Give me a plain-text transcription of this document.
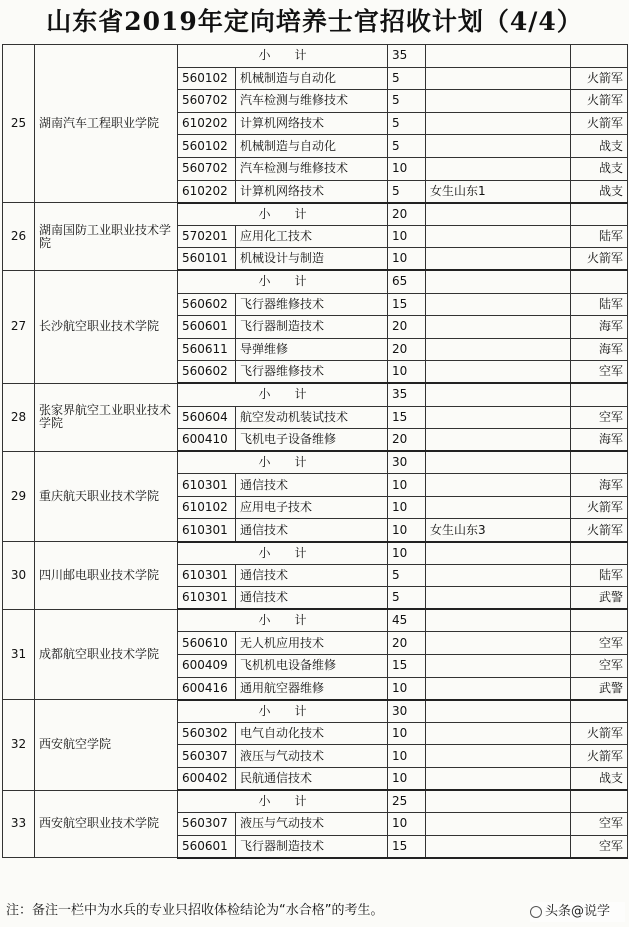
山东省2019年定向培养士官招收计划（4/4）
25	湖南汽车工程职业学院	小　　计		35		
		560102	机械制造与自动化	5		火箭军
		560702	汽车检测与维修技术	5		火箭军
		610202	计算机网络技术	5		火箭军
		560102	机械制造与自动化	5		战支
		560702	汽车检测与维修技术	10		战支
		610202	计算机网络技术	5	女生山东1	战支
26	湖南国防工业职业技术学院	小　　计		20		
		570201	应用化工技术	10		陆军
		560101	机械设计与制造	10		火箭军
27	长沙航空职业技术学院	小　　计		65		
		560602	飞行器维修技术	15		陆军
		560601	飞行器制造技术	20		海军
		560611	导弹维修	20		海军
		560602	飞行器维修技术	10		空军
28	张家界航空工业职业技术学院	小　　计		35		
		560604	航空发动机装试技术	15		空军
		600410	飞机电子设备维修	20		海军
29	重庆航天职业技术学院	小　　计		30		
		610301	通信技术	10		海军
		610102	应用电子技术	10		火箭军
		610301	通信技术	10	女生山东3	火箭军
30	四川邮电职业技术学院	小　　计		10		
		610301	通信技术	5		陆军
		610301	通信技术	5		武警
31	成都航空职业技术学院	小　　计		45		
		560610	无人机应用技术	20		空军
		600409	飞机机电设备维修	15		空军
		600416	通用航空器维修	10		武警
32	西安航空学院	小　　计		30		
		560302	电气自动化技术	10		火箭军
		560307	液压与气动技术	10		火箭军
		600402	民航通信技术	10		战支
33	西安航空职业技术学院	小　　计		25		
		560307	液压与气动技术	10		空军
		560601	飞行器制造技术	15		空军
注：备注一栏中为水兵的专业只招收体检结论为“水合格”的考生。	头条@说学
